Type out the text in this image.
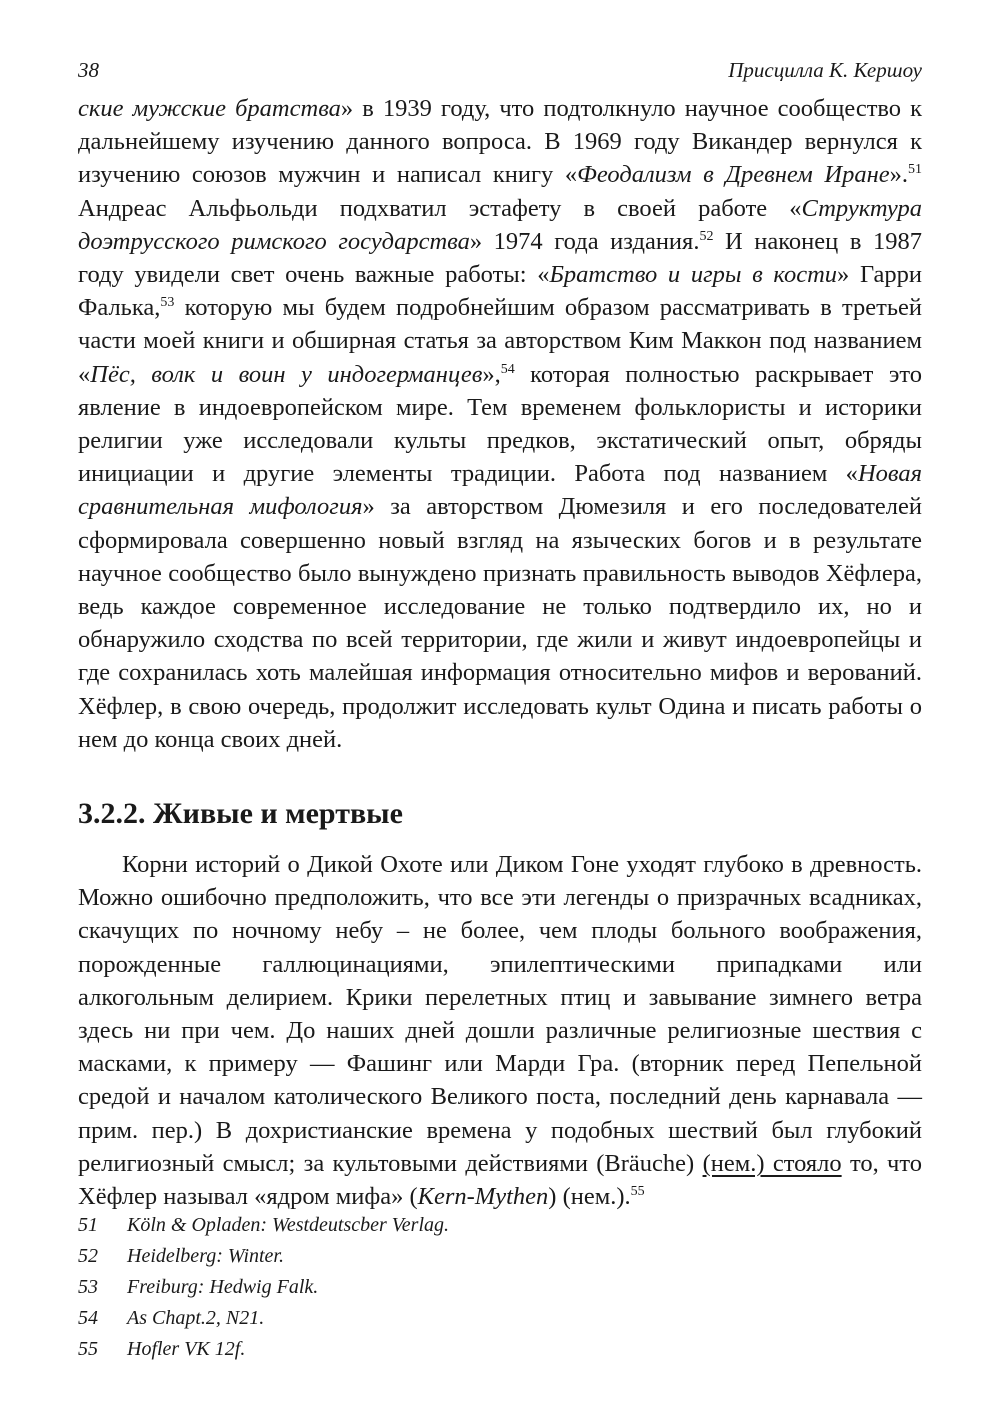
38	Присцилла К. Кершоу

ские мужские братства» в 1939 году, что подтолкнуло научное сообщество к дальнейшему изучению данного вопроса. В 1969 году Викандер вернулся к изучению союзов мужчин и написал книгу «Феодализм в Древнем Иране».$^{51}$ Андреас Альфьольди подхватил эстафету в своей работе «Структура доэтрусского римского государства» 1974 года издания.$^{52}$ И наконец в 1987 году увидели свет очень важные работы: «Братство и игры в кости» Гарри Фалька,$^{53}$ которую мы будем подробнейшим образом рассматривать в третьей части моей книги и обширная статья за авторством Ким Маккон под названием «Пёс, волк и воин у индогерманцев»,$^{54}$ которая полностью раскрывает это явление в индоевропейском мире. Тем временем фольклористы и историки религии уже исследовали культы предков, экстатический опыт, обряды инициации и другие элементы традиции. Работа под названием «Новая сравнительная мифология» за авторством Дюмезиля и его последователей сформировала совершенно новый взгляд на языческих богов и в результате научное сообщество было вынуждено признать правильность выводов Хёфлера, ведь каждое современное исследование не только подтвердило их, но и обнаружило сходства по всей территории, где жили и живут индоевропейцы и где сохранилась хоть малейшая информация относительно мифов и верований. Хёфлер, в свою очередь, продолжит исследовать культ Одина и писать работы о нем до конца своих дней.

3.2.2. Живые и мертвые

Корни историй о Дикой Охоте или Диком Гоне уходят глубоко в древность. Можно ошибочно предположить, что все эти легенды о призрачных всадниках, скачущих по ночному небу – не более, чем плоды больного воображения, порожденные галлюцинациями, эпилептическими припадками или алкогольным делирием. Крики перелетных птиц и завывание зимнего ветра здесь ни при чем. До наших дней дошли различные религиозные шествия с масками, к примеру — Фашинг или Марди Гра. (вторник перед Пепельной средой и началом католического Великого поста, последний день карнавала — прим. пер.) В дохристианские времена у подобных шествий был глубокий религиозный смысл; за культовыми действиями (Bräuche) (нем.) стояло то, что Хёфлер называл «ядром мифа» (Kern-Mythen) (нем.).$^{55}$

51	Köln & Opladen: Westdeutscber Verlag.
52	Heidelberg: Winter.
53	Freiburg: Hedwig Falk.
54	As Chapt.2, N21.
55	Hofler VK 12f.
